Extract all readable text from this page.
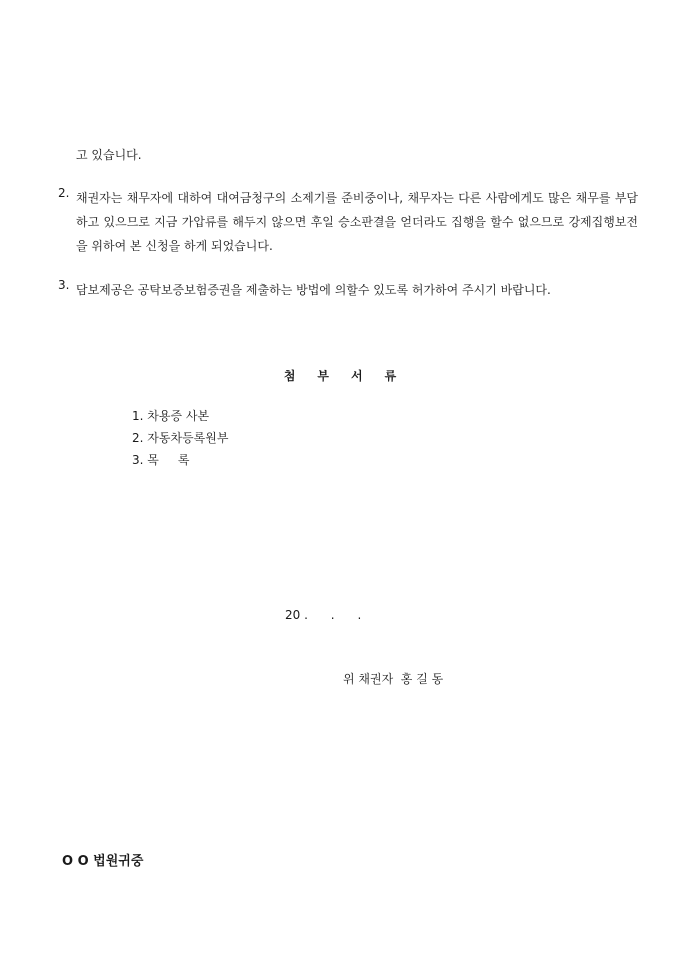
고 있습니다.
2. 채권자는 채무자에 대하여 대여금청구의 소제기를 준비중이나, 채무자는 다른 사람에게도 많은 채무를 부담하고 있으므로 지금 가압류를 해두지 않으면 후일 승소판결을 얻더라도 집행을 할수 없으므로 강제집행보전을 위하여 본 신청을 하게 되었습니다.
3. 담보제공은 공탁보증보험증권을 제출하는 방법에 의할수 있도록 허가하여 주시기 바랍니다.
첨부서류
1. 차용증 사본
2. 자동차등록원부
3. 목     록
20 .      .      .
위 채권자  홍 길 동
O O 법원귀중
